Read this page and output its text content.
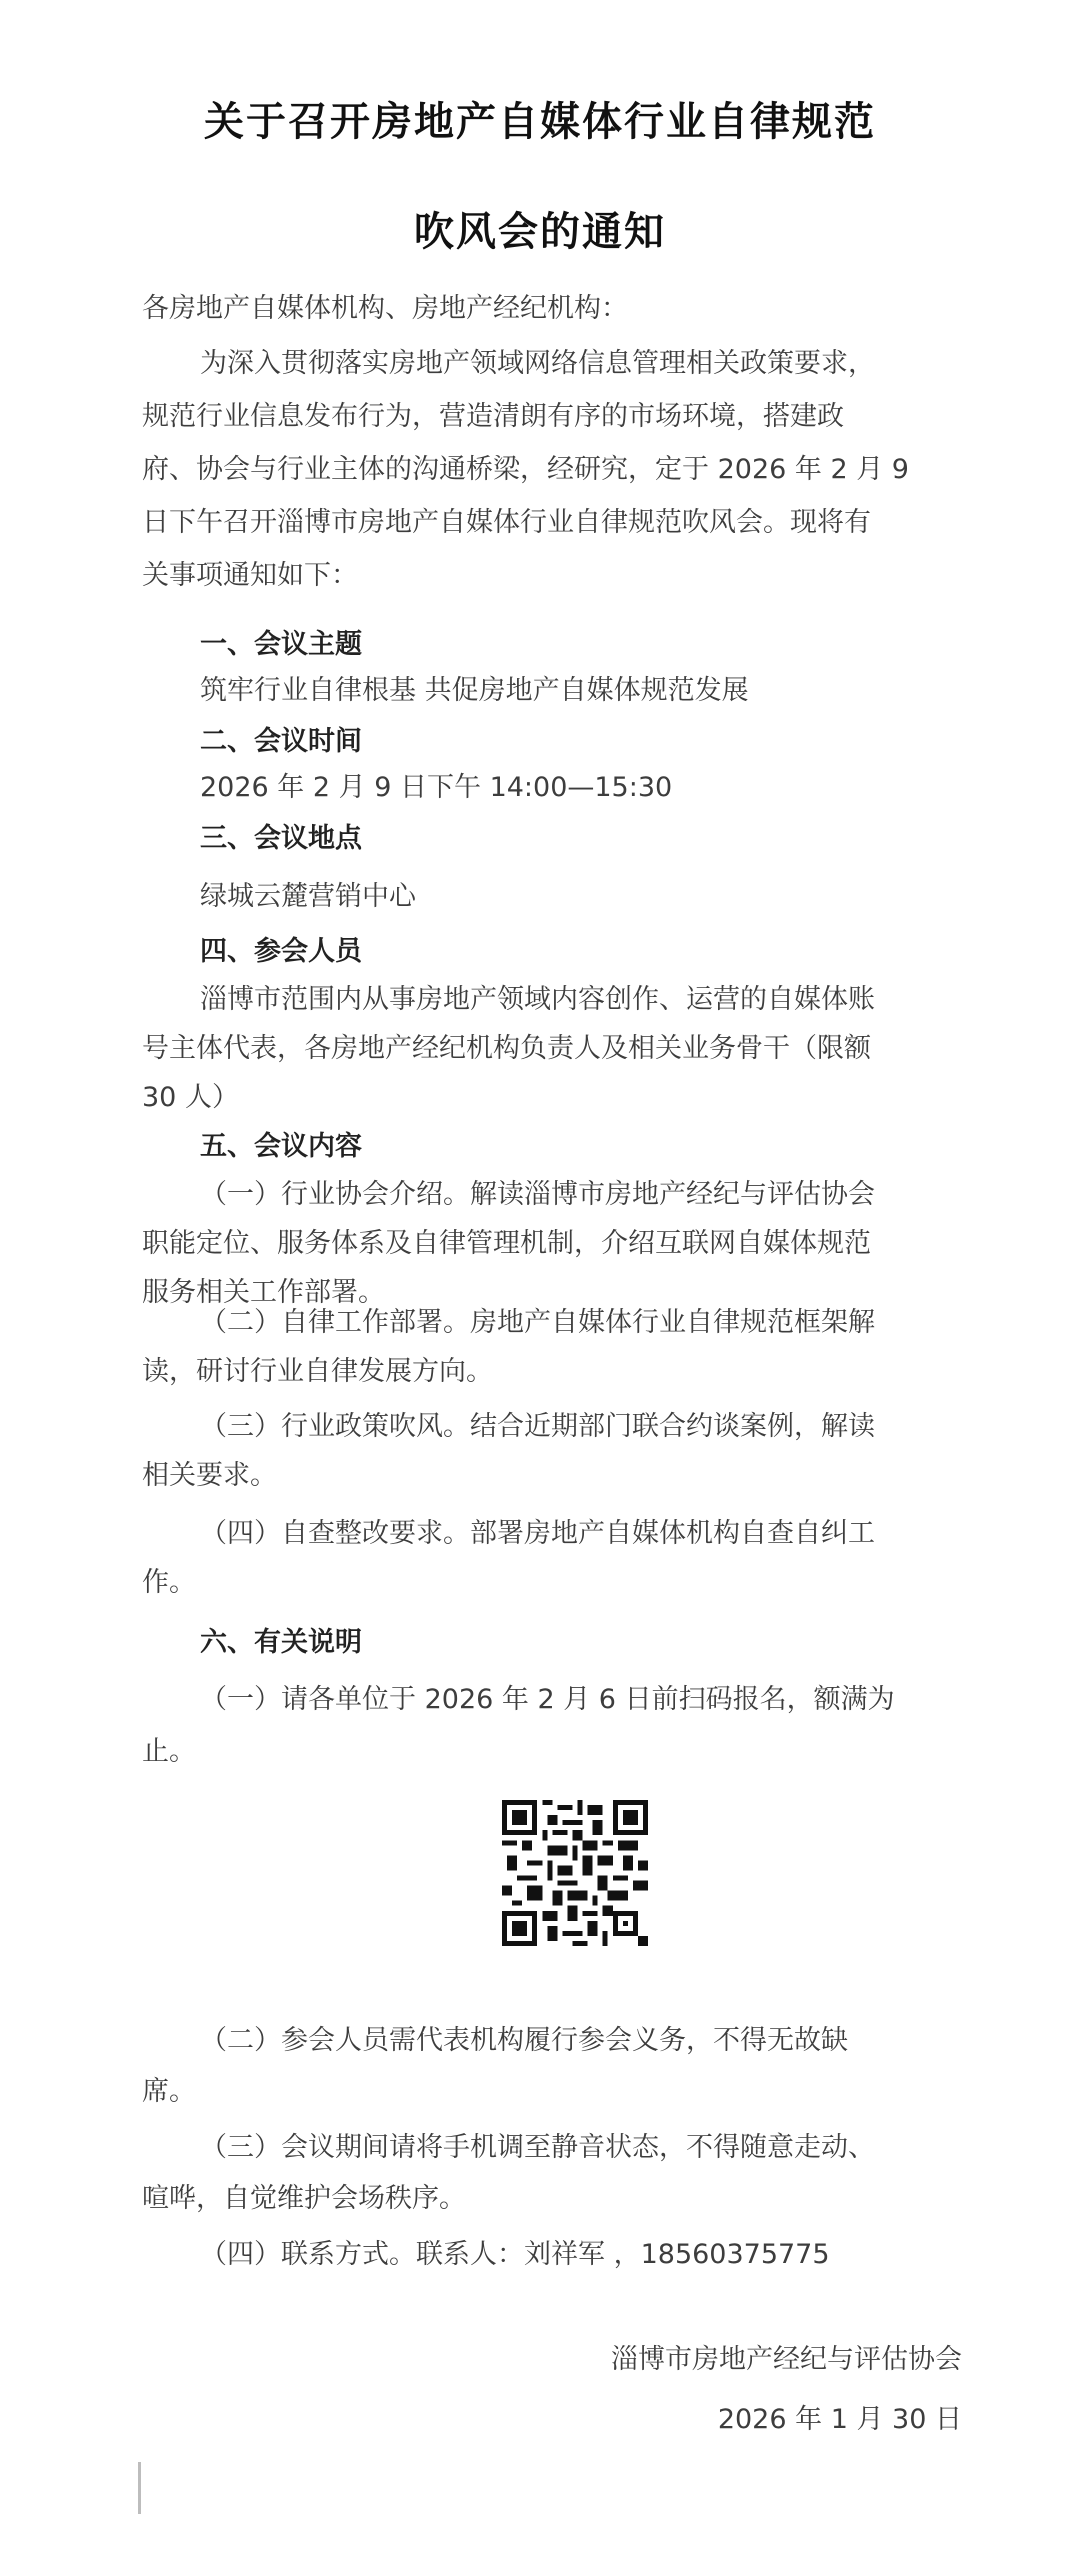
关于召开房地产自媒体行业自律规范
吹风会的通知
各房地产自媒体机构、房地产经纪机构：
为深入贯彻落实房地产领域网络信息管理相关政策要求，
规范行业信息发布行为，营造清朗有序的市场环境，搭建政
府、协会与行业主体的沟通桥梁，经研究，定于 2026 年 2 月 9
日下午召开淄博市房地产自媒体行业自律规范吹风会。现将有
关事项通知如下：
一、会议主题
筑牢行业自律根基 共促房地产自媒体规范发展
二、会议时间
2026 年 2 月 9 日下午 14:00—15:30
三、会议地点
绿城云麓营销中心
四、参会人员
淄博市范围内从事房地产领域内容创作、运营的自媒体账
号主体代表，各房地产经纪机构负责人及相关业务骨干（限额
30 人）
五、会议内容
（一）行业协会介绍。解读淄博市房地产经纪与评估协会
职能定位、服务体系及自律管理机制，介绍互联网自媒体规范
服务相关工作部署。
（二）自律工作部署。房地产自媒体行业自律规范框架解
读，研讨行业自律发展方向。
（三）行业政策吹风。结合近期部门联合约谈案例，解读
相关要求。
（四）自查整改要求。部署房地产自媒体机构自查自纠工
作。
六、有关说明
（一）请各单位于 2026 年 2 月 6 日前扫码报名，额满为
止。
（二）参会人员需代表机构履行参会义务，不得无故缺
席。
（三）会议期间请将手机调至静音状态，不得随意走动、
喧哗，自觉维护会场秩序。
（四）联系方式。联系人：刘祥军 ，18560375775
淄博市房地产经纪与评估协会
2026 年 1 月 30 日
